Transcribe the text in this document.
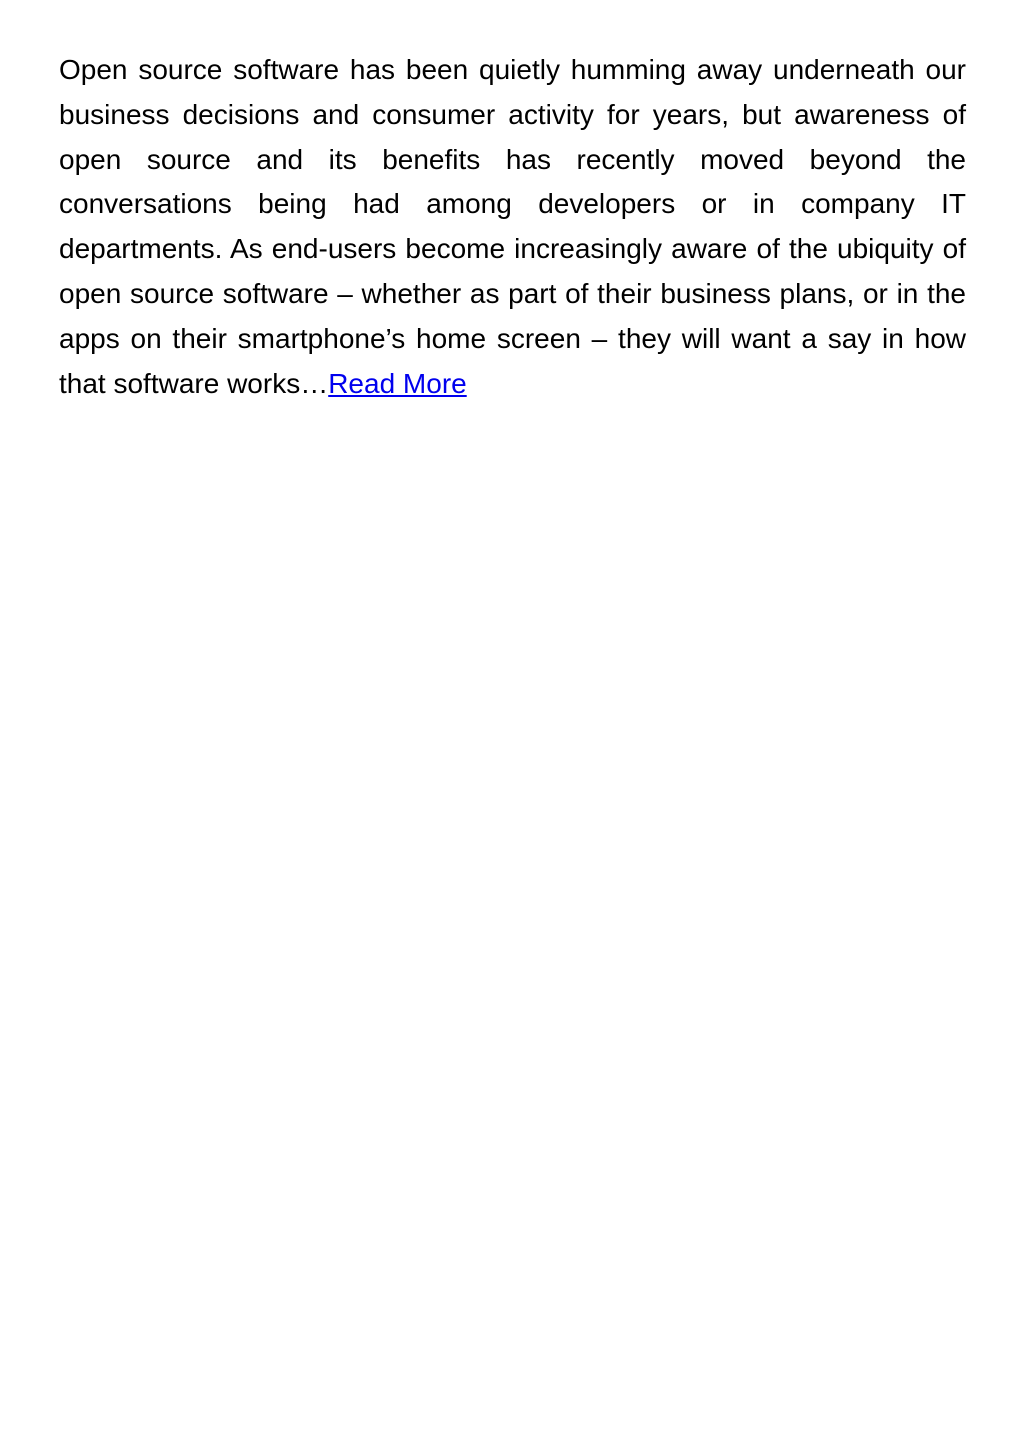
Open source software has been quietly humming away underneath our business decisions and consumer activity for years, but awareness of open source and its benefits has recently moved beyond the conversations being had among developers or in company IT departments. As end-users become increasingly aware of the ubiquity of open source software – whether as part of their business plans, or in the apps on their smartphone’s home screen – they will want a say in how that software works…Read More
